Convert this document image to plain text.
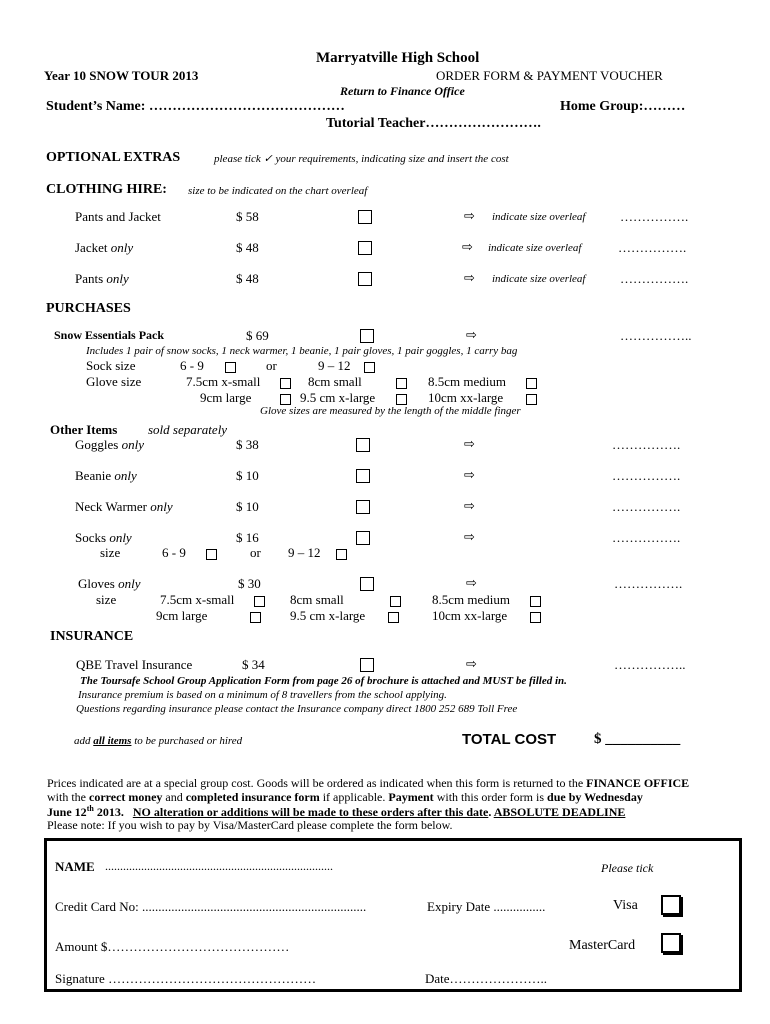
Marryatville High School
Year 10 SNOW TOUR 2013	ORDER FORM & PAYMENT VOUCHER
Return to Finance Office
Student’s Name: ……………………………………	Home Group:………
Tutorial Teacher…………………….
OPTIONAL EXTRAS	please tick ✓ your requirements, indicating size and insert the cost
CLOTHING HIRE: size to be indicated on the chart overleaf
Pants and Jacket	$ 58	⇨ indicate size overleaf	…………….
Jacket only	$ 48	⇨ indicate size overleaf	…………….
Pants only	$ 48	⇨ indicate size overleaf	…………….
PURCHASES
Snow Essentials Pack	$ 69	⇨	……………..
Includes 1 pair of snow socks, 1 neck warmer, 1 beanie, 1 pair gloves, 1 pair goggles, 1 carry bag
Sock size	6 - 9	or	9 – 12
Glove size	7.5cm x-small	8cm small	8.5cm medium
9cm large	9.5 cm x-large	10cm xx-large
Glove sizes are measured by the length of the middle finger
Other Items sold separately
Goggles only	$ 38	⇨	…………….
Beanie only	$ 10	⇨	…………….
Neck Warmer only	$ 10	⇨	…………….
Socks only	$ 16	⇨	…………….
size	6 - 9	or 9 – 12
Gloves only	$ 30	⇨	…………….
size	7.5cm x-small	8cm small	8.5cm medium
9cm large	9.5 cm x-large	10cm xx-large
INSURANCE
QBE Travel Insurance	$ 34	⇨	……………..
The Toursafe School Group Application Form from page 26 of brochure is attached and MUST be filled in.
Insurance premium is based on a minimum of 8 travellers from the school applying.
Questions regarding insurance please contact the Insurance company direct 1800 252 689 Toll Free
add all items to be purchased or hired	TOTAL COST	$ __________
Prices indicated are at a special group cost. Goods will be ordered as indicated when this form is returned to the FINANCE OFFICE
with the correct money and completed insurance form if applicable. Payment with this order form is due by Wednesday
June 12th 2013. NO alteration or additions will be made to these orders after this date. ABSOLUTE DEADLINE
Please note: If you wish to pay by Visa/MasterCard please complete the form below.
NAME ............................................................................	Please tick
Credit Card No: .....................................................................	Expiry Date ................	Visa
Amount $……………………………………	MasterCard
Signature …………………………………………	Date…………………..
